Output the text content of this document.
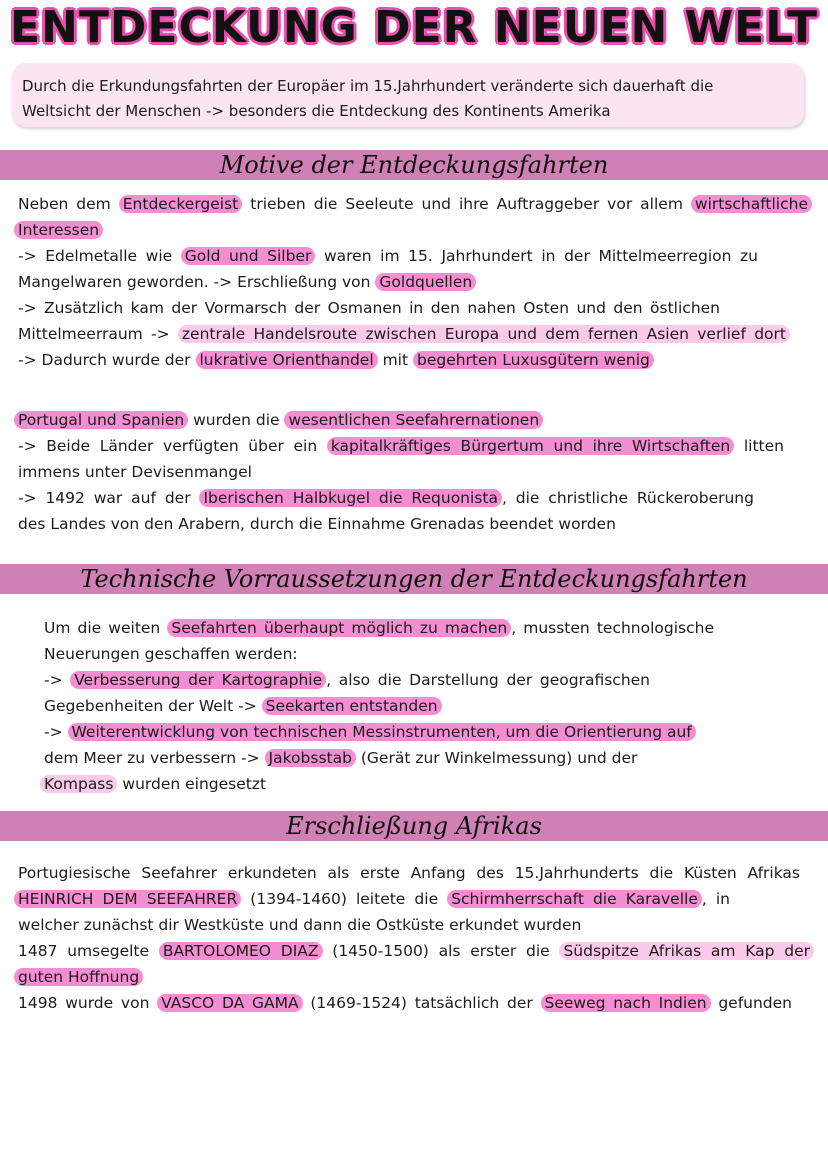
ENTDECKUNG DER NEUEN WELT
Durch die Erkundungsfahrten der Europäer im 15.Jahrhundert veränderte sich dauerhaft die
Weltsicht der Menschen -> besonders die Entdeckung des Kontinents Amerika
Motive der Entdeckungsfahrten
Neben dem Entdeckergeist trieben die Seeleute und ihre Auftraggeber vor allem wirtschaftliche
Interessen
-> Edelmetalle wie Gold und Silber waren im 15. Jahrhundert in der Mittelmeerregion zu
Mangelwaren geworden. -> Erschließung von Goldquellen
-> Zusätzlich kam der Vormarsch der Osmanen in den nahen Osten und den östlichen
Mittelmeerraum -> zentrale Handelsroute zwischen Europa und dem fernen Asien verlief dort
-> Dadurch wurde der lukrative Orienthandel mit begehrten Luxusgütern wenig
Portugal und Spanien wurden die wesentlichen Seefahrernationen
-> Beide Länder verfügten über ein kapitalkräftiges Bürgertum und ihre Wirtschaften litten
immens unter Devisenmangel
-> 1492 war auf der Iberischen Halbkugel die Requonista , die christliche Rückeroberung
des Landes von den Arabern, durch die Einnahme Grenadas beendet worden
Technische Vorraussetzungen der Entdeckungsfahrten
Um die weiten Seefahrten überhaupt möglich zu machen , mussten technologische
Neuerungen geschaffen werden:
-> Verbesserung der Kartographie , also die Darstellung der geografischen
Gegebenheiten der Welt -> Seekarten entstanden
-> Weiterentwicklung von technischen Messinstrumenten, um die Orientierung auf
dem Meer zu verbessern -> Jakobsstab (Gerät zur Winkelmessung) und der
Kompass wurden eingesetzt
Erschließung Afrikas
Portugiesische Seefahrer erkundeten als erste Anfang des 15.Jahrhunderts die Küsten Afrikas
HEINRICH DEM SEEFAHRER (1394-1460) leitete die Schirmherrschaft die Karavelle , in
welcher zunächst dir Westküste und dann die Ostküste erkundet wurden
1487 umsegelte BARTOLOMEO DIAZ (1450-1500) als erster die Südspitze Afrikas am Kap der
guten Hoffnung
1498 wurde von VASCO DA GAMA (1469-1524) tatsächlich der Seeweg nach Indien gefunden
